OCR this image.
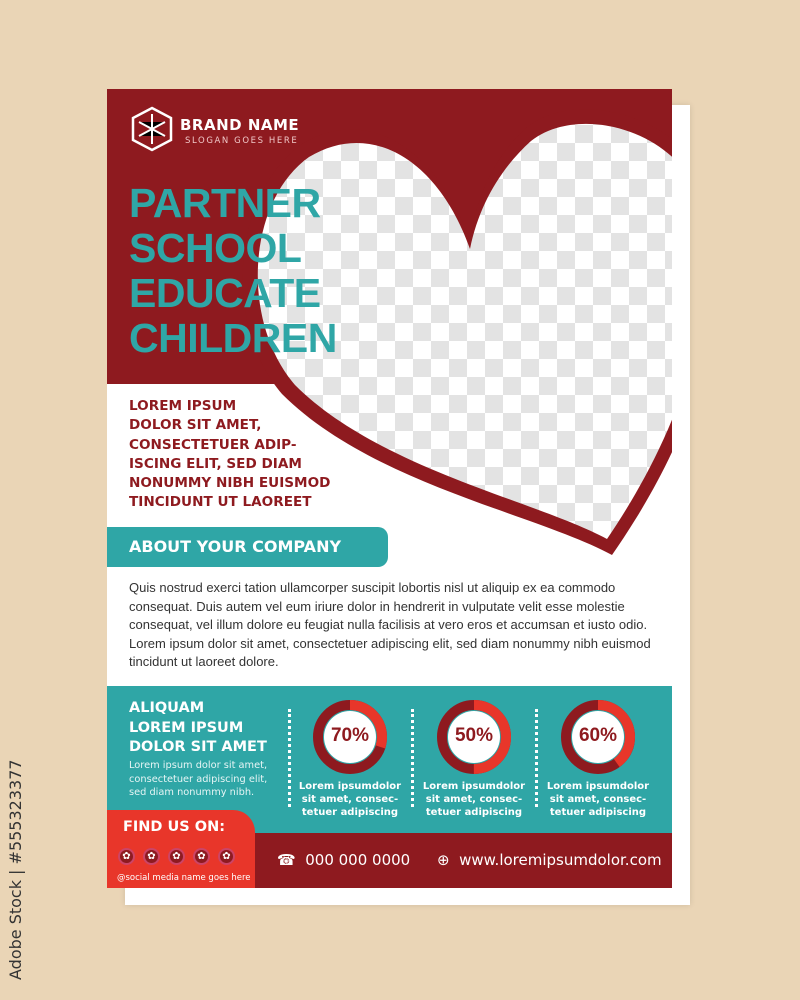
BRAND NAME
SLOGAN GOES HERE
PARTNER
SCHOOL
EDUCATE
CHILDREN
LOREM IPSUM
DOLOR SIT AMET,
CONSECTETUER ADIP-
ISCING ELIT, SED DIAM
NONUMMY NIBH EUISMOD
TINCIDUNT UT LAOREET
ABOUT YOUR COMPANY
Quis nostrud exerci tation ullamcorper suscipit lobortis nisl ut aliquip ex ea commodo consequat. Duis autem vel eum iriure dolor in hendrerit in vulputate velit esse molestie consequat, vel illum dolore eu feugiat nulla facilisis at vero eros et accumsan et iusto odio. Lorem ipsum dolor sit amet, consectetuer adipiscing elit, sed diam nonummy nibh euismod tincidunt ut laoreet dolore.
ALIQUAM
LOREM IPSUM
DOLOR SIT AMET
Lorem ipsum dolor sit amet,
consectetuer adipiscing elit,
sed diam nonummy nibh.
70%

Lorem ipsumdolor
sit amet, consec-
tetuer adipiscing

50%

Lorem ipsumdolor
sit amet, consec-
tetuer adipiscing

60%

Lorem ipsumdolor
sit amet, consec-
tetuer adipiscing

FIND US ON:
✿	✿	✿	✿	✿
@social media name goes here
☎ 000 000 0000 ⊕ www.loremipsumdolor.com
Adobe Stock | #555323377
